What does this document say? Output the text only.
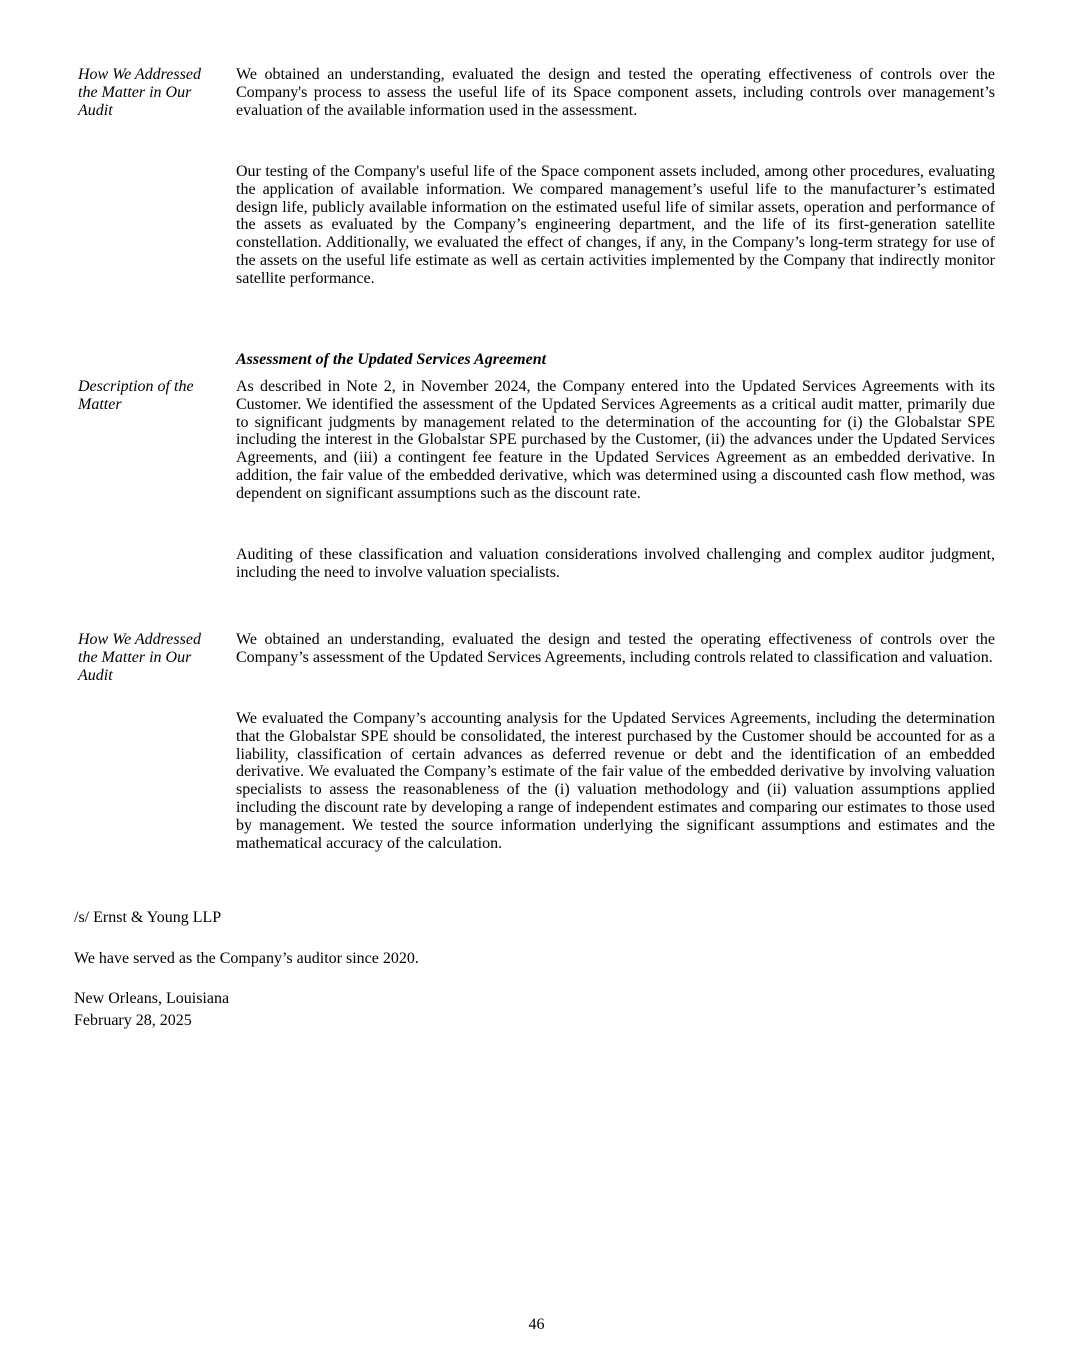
How We Addressed the Matter in Our Audit
We obtained an understanding, evaluated the design and tested the operating effectiveness of controls over the Company's process to assess the useful life of its Space component assets, including controls over management’s evaluation of the available information used in the assessment.
Our testing of the Company's useful life of the Space component assets included, among other procedures, evaluating the application of available information. We compared management’s useful life to the manufacturer’s estimated design life, publicly available information on the estimated useful life of similar assets, operation and performance of the assets as evaluated by the Company’s engineering department, and the life of its first-generation satellite constellation. Additionally, we evaluated the effect of changes, if any, in the Company’s long-term strategy for use of the assets on the useful life estimate as well as certain activities implemented by the Company that indirectly monitor satellite performance.
Assessment of the Updated Services Agreement
Description of the Matter
As described in Note 2, in November 2024, the Company entered into the Updated Services Agreements with its Customer. We identified the assessment of the Updated Services Agreements as a critical audit matter, primarily due to significant judgments by management related to the determination of the accounting for (i) the Globalstar SPE including the interest in the Globalstar SPE purchased by the Customer, (ii) the advances under the Updated Services Agreements, and (iii) a contingent fee feature in the Updated Services Agreement as an embedded derivative. In addition, the fair value of the embedded derivative, which was determined using a discounted cash flow method, was dependent on significant assumptions such as the discount rate.
Auditing of these classification and valuation considerations involved challenging and complex auditor judgment, including the need to involve valuation specialists.
How We Addressed the Matter in Our Audit
We obtained an understanding, evaluated the design and tested the operating effectiveness of controls over the Company’s assessment of the Updated Services Agreements, including controls related to classification and valuation.
We evaluated the Company’s accounting analysis for the Updated Services Agreements, including the determination that the Globalstar SPE should be consolidated, the interest purchased by the Customer should be accounted for as a liability, classification of certain advances as deferred revenue or debt and the identification of an embedded derivative. We evaluated the Company’s estimate of the fair value of the embedded derivative by involving valuation specialists to assess the reasonableness of the (i) valuation methodology and (ii) valuation assumptions applied including the discount rate by developing a range of independent estimates and comparing our estimates to those used by management. We tested the source information underlying the significant assumptions and estimates and the mathematical accuracy of the calculation.
/s/ Ernst & Young LLP
We have served as the Company’s auditor since 2020.
New Orleans, Louisiana
February 28, 2025
46
